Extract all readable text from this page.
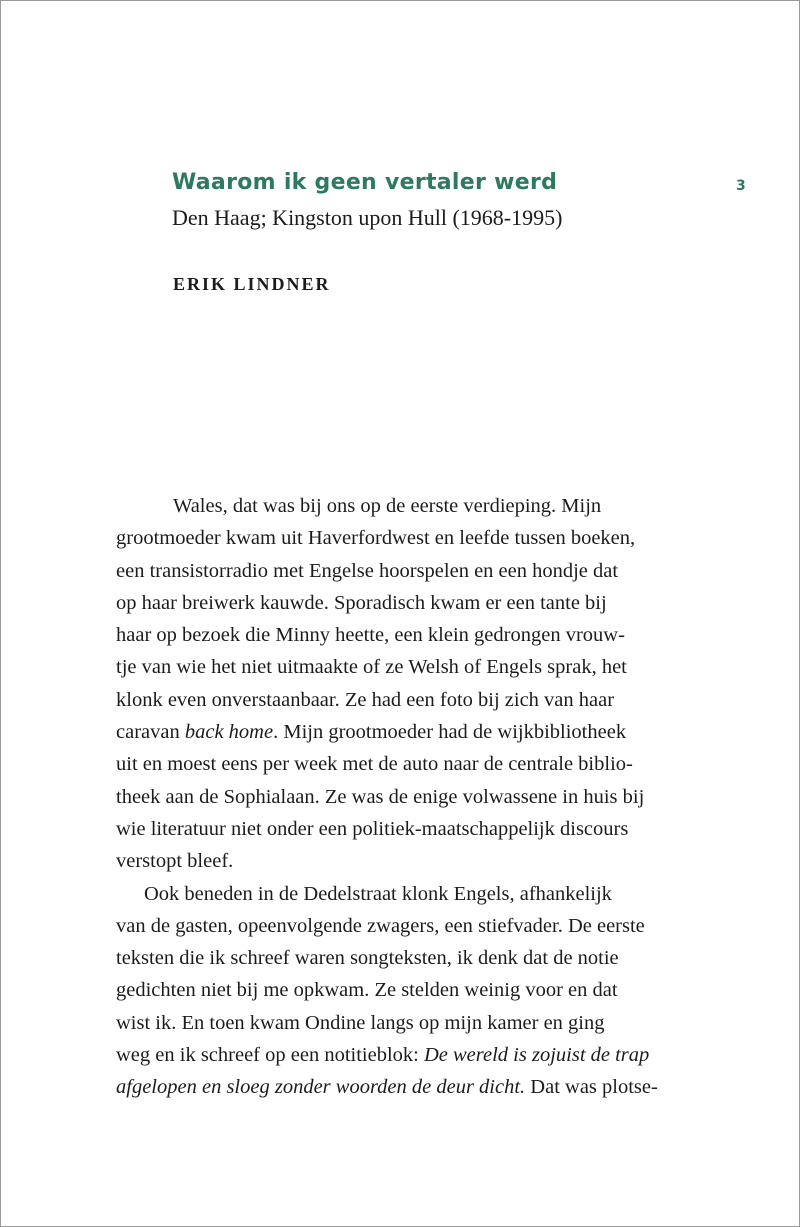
Waarom ik geen vertaler werd	3
Den Haag; Kingston upon Hull (1968-1995)
ERIK LINDNER
Wales, dat was bij ons op de eerste verdieping. Mijn
grootmoeder kwam uit Haverfordwest en leefde tussen boeken,
een transistorradio met Engelse hoorspelen en een hondje dat
op haar breiwerk kauwde. Sporadisch kwam er een tante bij
haar op bezoek die Minny heette, een klein gedrongen vrouw-
tje van wie het niet uitmaakte of ze Welsh of Engels sprak, het
klonk even onverstaanbaar. Ze had een foto bij zich van haar
caravan back home. Mijn grootmoeder had de wijkbibliotheek
uit en moest eens per week met de auto naar de centrale biblio-
theek aan de Sophialaan. Ze was de enige volwassene in huis bij
wie literatuur niet onder een politiek-maatschappelijk discours
verstopt bleef.
Ook beneden in de Dedelstraat klonk Engels, afhankelijk
van de gasten, opeenvolgende zwagers, een stiefvader. De eerste
teksten die ik schreef waren songteksten, ik denk dat de notie
gedichten niet bij me opkwam. Ze stelden weinig voor en dat
wist ik. En toen kwam Ondine langs op mijn kamer en ging
weg en ik schreef op een notitieblok: De wereld is zojuist de trap
afgelopen en sloeg zonder woorden de deur dicht. Dat was plotse-
